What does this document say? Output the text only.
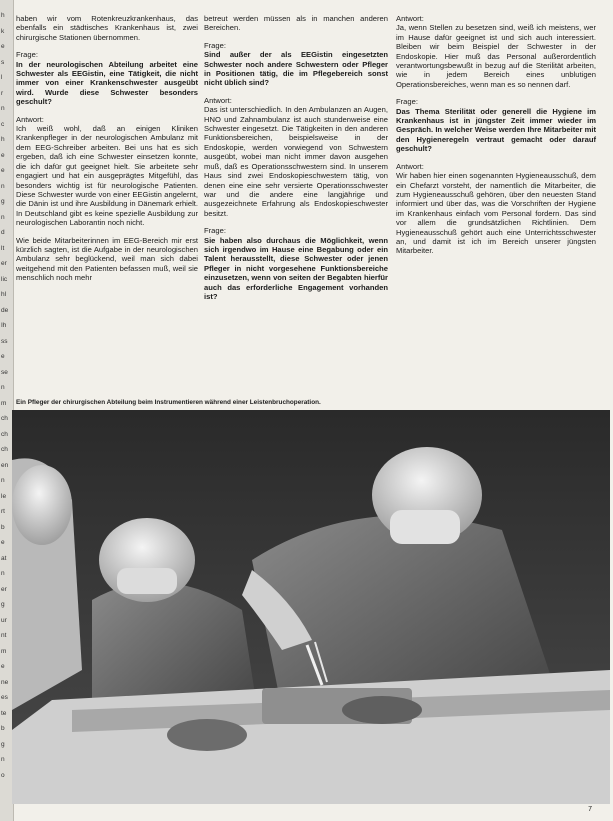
h
k
e
s
l
r
n
c
h
e
e
n
g
n
d
lt
er
lic
hl
de
Ih
ss
e
se
n
m
ch
ch
ch
en
n
le
rt
b
e
at
n
er
g
ur
nt
m
e
ne
es
te
b
g
n
o

haben wir vom Rotenkreuzkrankenhaus, das ebenfalls ein städtisches Krankenhaus ist, zwei chirurgische Stationen übernommen.

Frage:

In der neurologischen Abteilung arbeitet eine Schwester als EEGistin, eine Tätigkeit, die nicht immer von einer Krankenschwester ausgeübt wird. Wurde diese Schwester besonders geschult?

Antwort:

Ich weiß wohl, daß an einigen Kliniken Krankenpfleger in der neurologischen Ambulanz mit dem EEG-Schreiber arbeiten. Bei uns hat es sich ergeben, daß ich eine Schwester einsetzen konnte, die ich dafür gut geeignet hielt. Sie arbeitete sehr engagiert und hat ein ausgeprägtes Mitgefühl, das besonders wichtig ist für neurologische Patienten. Diese Schwester wurde von einer EEGistin angelernt, die Dänin ist und ihre Ausbildung in Dänemark erhielt. In Deutschland gibt es keine spezielle Ausbildung zur neurologischen Laborantin noch nicht.

Wie beide Mitarbeiterinnen im EEG-Bereich mir erst kürzlich sagten, ist die Aufgabe in der neurologischen Ambulanz sehr beglückend, weil man sich dabei weitgehend mit den Patienten befassen muß, weil sie menschlich noch mehr

betreut werden müssen als in manchen anderen Bereichen.

Frage:

Sind außer der als EEGistin eingesetzten Schwester noch andere Schwestern oder Pfleger in Positionen tätig, die im Pflegebereich sonst nicht üblich sind?

Antwort:

Das ist unterschiedlich. In den Ambulanzen an Augen, HNO und Zahnambulanz ist auch stundenweise eine Schwester eingesetzt. Die Tätigkeiten in den anderen Funktionsbereichen, beispielsweise in der Endoskopie, werden vorwiegend von Schwestern ausgeübt, wobei man nicht immer davon ausgehen muß, daß es Operationsschwestern sind. In unserem Haus sind zwei Endoskopieschwestern tätig, von denen eine eine sehr versierte Operationsschwester war und die andere eine langjährige und ausgezeichnete Erfahrung als Endoskopieschwester besitzt.

Frage:

Sie haben also durchaus die Möglichkeit, wenn sich irgendwo im Hause eine Begabung oder ein Talent herausstellt, diese Schwester oder jenen Pfleger in nicht vorgesehene Funktionsbereiche einzusetzen, wenn von seiten der Begabten hierfür auch das erforderliche Engagement vorhanden ist?

Antwort:

Ja, wenn Stellen zu besetzen sind, weiß ich meistens, wer im Hause dafür geeignet ist und sich auch interessiert. Bleiben wir beim Beispiel der Schwester in der Endoskopie. Hier muß das Personal außerordentlich verantwortungsbewußt in bezug auf die Sterilität arbeiten, wie in jedem Bereich eines unblutigen Operationsbereiches, wenn man es so nennen darf.

Frage:

Das Thema Sterilität oder generell die Hygiene im Krankenhaus ist in jüngster Zeit immer wieder im Gespräch. In welcher Weise werden Ihre Mitarbeiter mit den Hygieneregeln vertraut gemacht oder darauf geschult?

Antwort:

Wir haben hier einen sogenannten Hygieneausschuß, dem ein Chefarzt vorsteht, der namentlich die Mitarbeiter, die zum Hygieneausschuß gehören, über den neuesten Stand informiert und über das, was die Vorschriften der Hygiene im Krankenhaus einfach vom Personal fordern. Das sind vor allem die grundsätzlichen Richtlinien. Dem Hygieneausschuß gehört auch eine Unterrichtsschwester an, und damit ist ich im Bereich unserer jüngsten Mitarbeiter.

Ein Pfleger der chirurgischen Abteilung beim Instrumentieren während einer Leistenbruchoperation.
7
